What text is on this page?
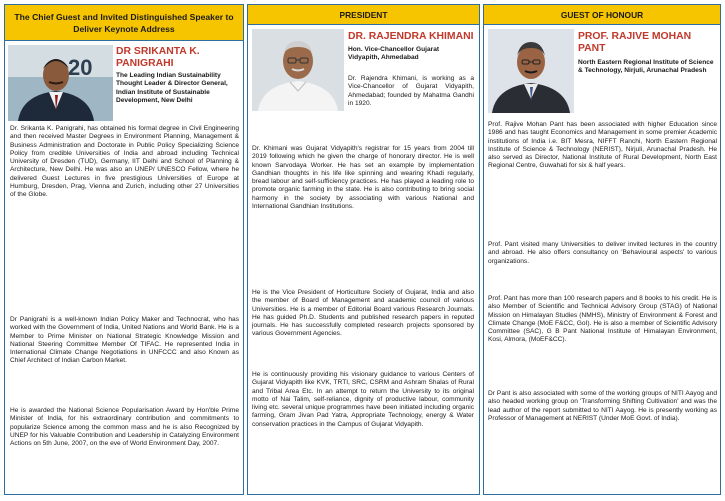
The Chief Guest and Invited Distinguished Speaker to Deliver Keynote Address
20

DR SRIKANTA K. PANIGRAHI

The Leading Indian Sustainability Thought Leader & Director General, Indian Institute of Sustainable Development, New Delhi

Dr. Srikanta K. Panigrahi, has obtained his formal degree in Civil Engineering and then received Master Degrees in Environment Planning, Management & Business Administration and Doctorate in Public Policy Specializing Science Policy from credible Universities of India and abroad including Technical University of Dresden (TUD), Germany, IIT Delhi and School of Planning & Architecture, New Delhi. He was also an UNEP/ UNESCO Fellow, where he delivered Guest Lectures in five prestigious Universities of Europe at Humburg, Dresden, Prag, Vienna and Zurich, including other 27 Universities of the Globe.

Dr Panigrahi is a well-known Indian Policy Maker and Technocrat, who has worked with the Government of India, United Nations and World Bank. He is a Member to Prime Minister on National Strategic Knowledge Mission and National Steering Committee Member Of TIFAC. He represented India in International Climate Change Negotiations in UNFCCC and also Known as Chief Architect of Indian Carbon Market.

He is awarded the National Science Popularisation Award by Hon'ble Prime Minister of India, for his extraordinary contribution and commitments to popularize Science among the common mass and he is also Recognized by UNEP for his Valuable Contribution and Leadership in Catalyzing Environment Actions on 5th June, 2007, on the eve of World Environment Day, 2007.

PRESIDENT

DR. RAJENDRA KHIMANI

Hon. Vice-Chancellor Gujarat Vidyapith, Ahmedabad

Dr. Rajendra Khimani, is working as a Vice-Chancellor of Gujarat Vidyapith, Ahmedabad; founded by Mahatma Gandhi in 1920.

Dr. Khimani was Gujarat Vidyapith's registrar for 15 years from 2004 till 2019 following which he given the charge of honorary director. He is well known Sarvodaya Worker. He has set an example by implementation Gandhian thoughts in his life like spinning and wearing Khadi regularly, bread labour and self-sufficiency practices. He has played a leading role to promote organic farming in the state. He is also contributing to bring social harmony in the society by associating with various National and International Gandhian Institutions.

He is the Vice President of Horticulture Society of Gujarat, India and also the member of Board of Management and academic council of various Universities. He is a member of Editorial Board various Research Journals. He has guided Ph.D. Students and published research papers in reputed journals. He has successfully completed research projects sponsored by various Government Agencies.

He is continuously providing his visionary guidance to various Centers of Gujarat Vidyapith like KVK, TRTI, SRC, CSRM and Ashram Shalas of Rural and Tribal Area Etc. In an attempt to return the University to its original motto of Nai Talim, self-reliance, dignity of productive labour, community living etc. several unique programmes have been initiated including organic farming, Gram Jivan Pad Yatra, Appropriate Technology, energy & Water conservation practices in the Campus of Gujarat Vidyapith.

GUEST OF HONOUR

PROF. RAJIVE MOHAN PANT

North Eastern Regional Institute of Science & Technology, Nirjuli, Arunachal Pradesh

Prof. Rajive Mohan Pant has been associated with higher Education since 1986 and has taught Economics and Management in some premier Academic institutions of India i.e. BIT Mesra, NIFFT Ranchi, North Eastern Regional Institute of Science & Technology (NERIST), Nirjuli, Arunachal Pradesh. He also served as Director, National Institute of Rural Development, North East Regional Centre, Guwahati for six & half years.

Prof. Pant visited many Universities to deliver invited lectures in the country and abroad. He also offers consultancy on 'Behavioural aspects' to various organizations.

Prof. Pant has more than 100 research papers and 8 books to his credit. He is also Member of Scientific and Technical Advisory Group (STAG) of National Mission on Himalayan Studies (NMHS), Ministry of Environment & Forest and Climate Change (MoE F&CC, GoI). He is also a member of Scientific Advisory Committee (SAC), G B Pant National Institute of Himalayan Environment, Kosi, Almora, (MoEF&CC).

Dr Pant is also associated with some of the working groups of NITI Aayog and also headed working group on 'Transforming Shifting Cultivation' and was the lead author of the report submitted to NITI Aayog. He is presently working as Professor of Management at NERIST (Under MoE Govt. of India).
